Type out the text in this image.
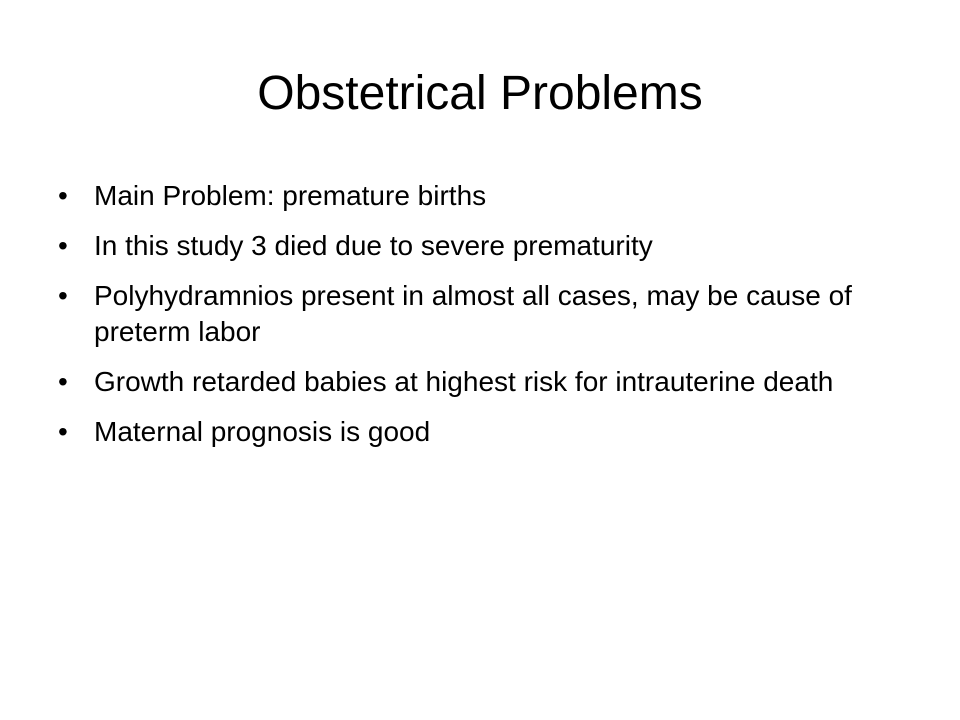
Obstetrical Problems
• Main Problem: premature births
• In this study 3 died due to severe prematurity
• Polyhydramnios present in almost all cases, may be cause of preterm labor
• Growth retarded babies at highest risk for intrauterine death
• Maternal prognosis is good
